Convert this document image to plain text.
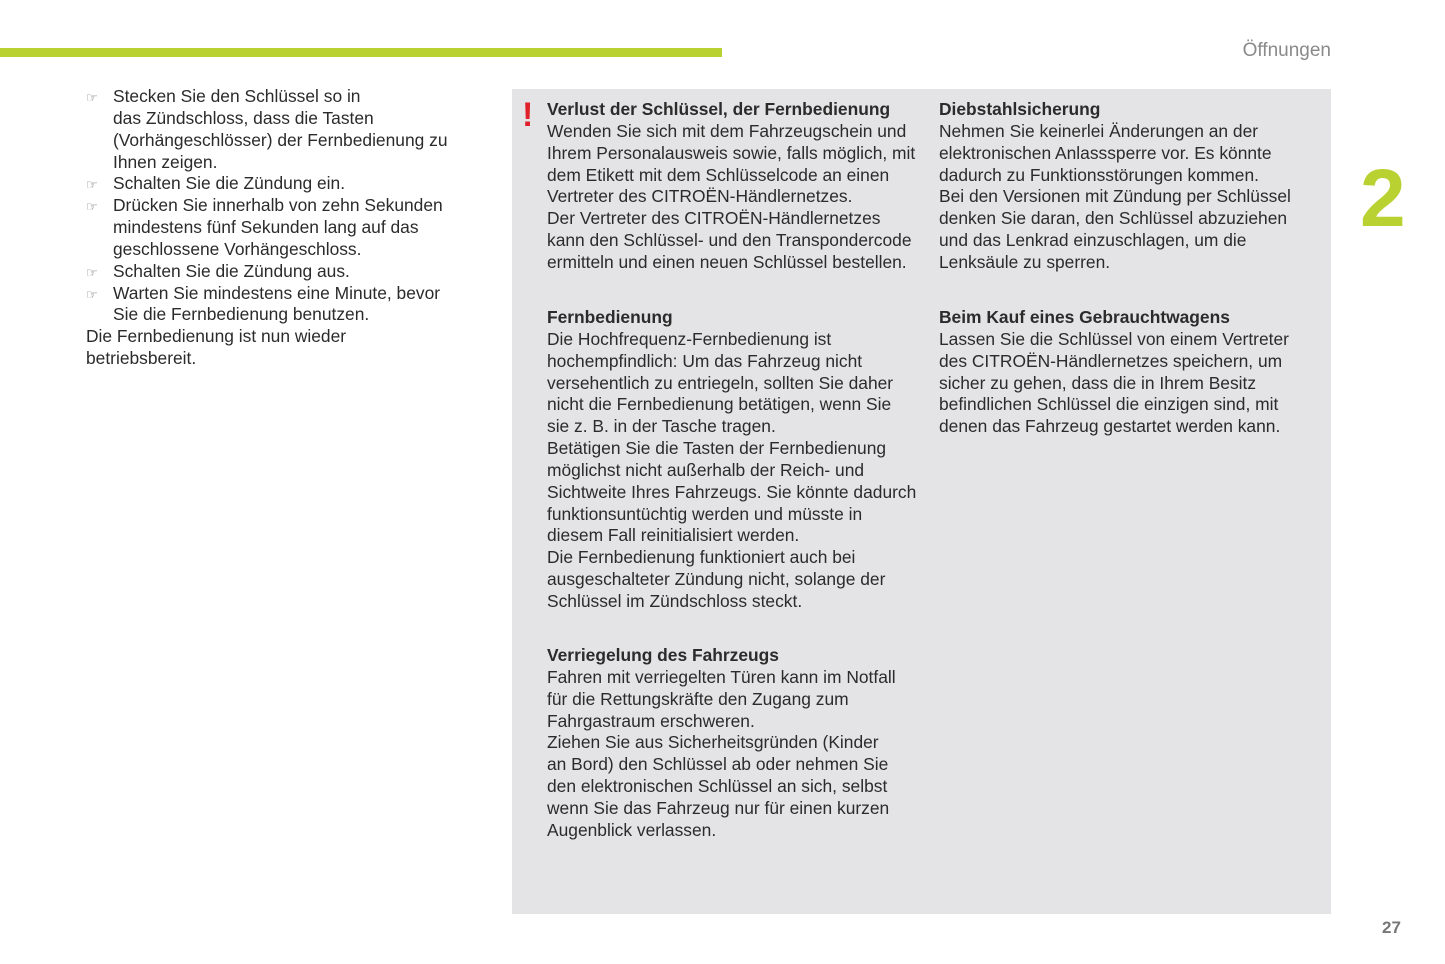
Öffnungen
2
27
☞ Stecken Sie den Schlüssel so in
das Zündschloss, dass die Tasten
(Vorhängeschlösser) der Fernbedienung zu
Ihnen zeigen.
☞ Schalten Sie die Zündung ein.
☞ Drücken Sie innerhalb von zehn Sekunden
mindestens fünf Sekunden lang auf das
geschlossene Vorhängeschloss.
☞ Schalten Sie die Zündung aus.
☞ Warten Sie mindestens eine Minute, bevor
Sie die Fernbedienung benutzen.
Die Fernbedienung ist nun wieder
betriebsbereit.
! Verlust der Schlüssel, der Fernbedienung
Wenden Sie sich mit dem Fahrzeugschein und
Ihrem Personalausweis sowie, falls möglich, mit
dem Etikett mit dem Schlüsselcode an einen
Vertreter des CITROËN-Händlernetzes.
Der Vertreter des CITROËN-Händlernetzes
kann den Schlüssel- und den Transpondercode
ermitteln und einen neuen Schlüssel bestellen.
Fernbedienung
Die Hochfrequenz-Fernbedienung ist
hochempfindlich: Um das Fahrzeug nicht
versehentlich zu entriegeln, sollten Sie daher
nicht die Fernbedienung betätigen, wenn Sie
sie z. B. in der Tasche tragen.
Betätigen Sie die Tasten der Fernbedienung
möglichst nicht außerhalb der Reich- und
Sichtweite Ihres Fahrzeugs. Sie könnte dadurch
funktionsuntüchtig werden und müsste in
diesem Fall reinitialisiert werden.
Die Fernbedienung funktioniert auch bei
ausgeschalteter Zündung nicht, solange der
Schlüssel im Zündschloss steckt.
Verriegelung des Fahrzeugs
Fahren mit verriegelten Türen kann im Notfall
für die Rettungskräfte den Zugang zum
Fahrgastraum erschweren.
Ziehen Sie aus Sicherheitsgründen (Kinder
an Bord) den Schlüssel ab oder nehmen Sie
den elektronischen Schlüssel an sich, selbst
wenn Sie das Fahrzeug nur für einen kurzen
Augenblick verlassen.
Diebstahlsicherung
Nehmen Sie keinerlei Änderungen an der
elektronischen Anlasssperre vor. Es könnte
dadurch zu Funktionsstörungen kommen.
Bei den Versionen mit Zündung per Schlüssel
denken Sie daran, den Schlüssel abzuziehen
und das Lenkrad einzuschlagen, um die
Lenksäule zu sperren.
Beim Kauf eines Gebrauchtwagens
Lassen Sie die Schlüssel von einem Vertreter
des CITROËN-Händlernetzes speichern, um
sicher zu gehen, dass die in Ihrem Besitz
befindlichen Schlüssel die einzigen sind, mit
denen das Fahrzeug gestartet werden kann.
